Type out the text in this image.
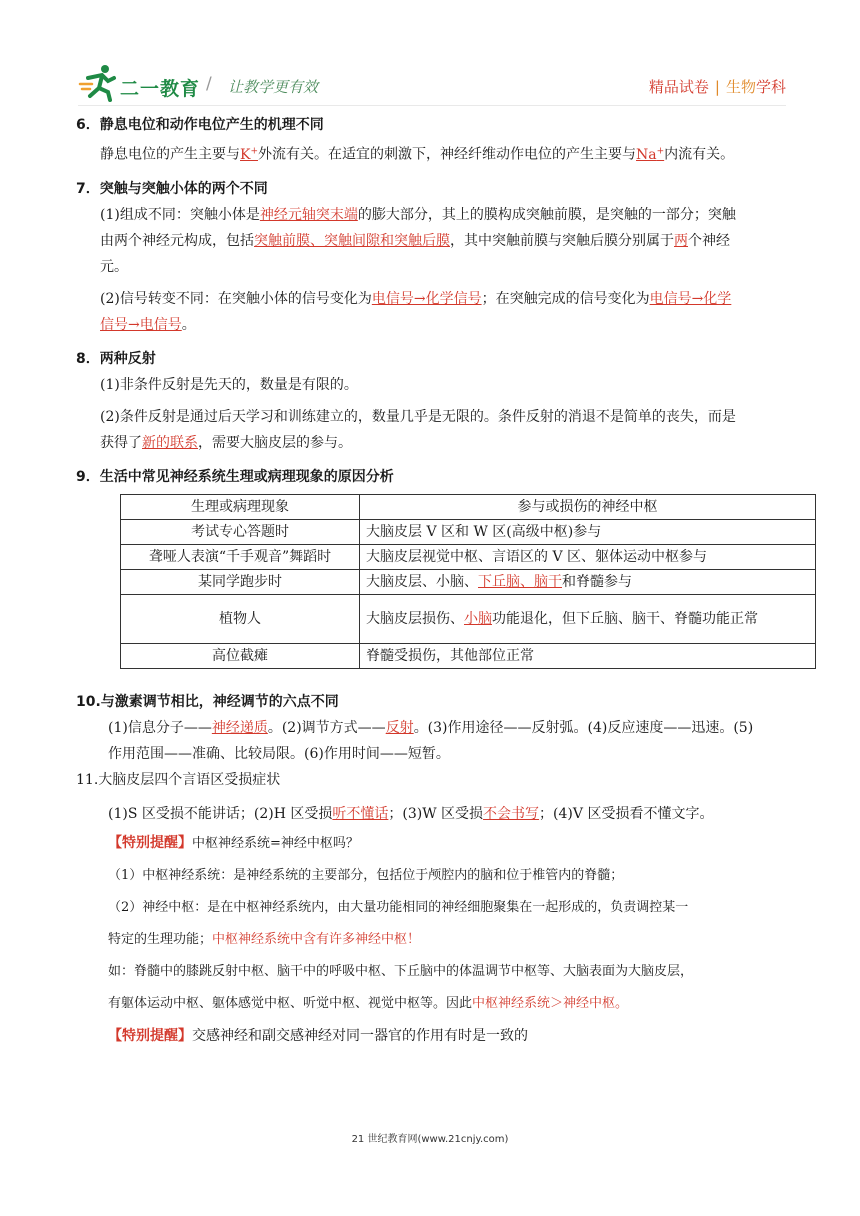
二一教育 / 让教学更有效	精品试卷 | 生物学科

6．静息电位和动作电位产生的机理不同

静息电位的产生主要与K+外流有关。在适宜的刺激下，神经纤维动作电位的产生主要与Na+内流有关。

7．突触与突触小体的两个不同

(1)组成不同：突触小体是神经元轴突末端的膨大部分，其上的膜构成突触前膜，是突触的一部分；突触

由两个神经元构成，包括突触前膜、突触间隙和突触后膜，其中突触前膜与突触后膜分别属于两个神经

元。

(2)信号转变不同：在突触小体的信号变化为电信号→化学信号；在突触完成的信号变化为电信号→化学

信号→电信号。

8．两种反射

(1)非条件反射是先天的，数量是有限的。

(2)条件反射是通过后天学习和训练建立的，数量几乎是无限的。条件反射的消退不是简单的丧失，而是

获得了新的联系，需要大脑皮层的参与。

9．生活中常见神经系统生理或病理现象的原因分析

生理或病理现象	参与或损伤的神经中枢
考试专心答题时	大脑皮层 V 区和 W 区(高级中枢)参与
聋哑人表演“千手观音”舞蹈时	大脑皮层视觉中枢、言语区的 V 区、躯体运动中枢参与
某同学跑步时	大脑皮层、小脑、下丘脑、脑干和脊髓参与
植物人	大脑皮层损伤、小脑功能退化，但下丘脑、脑干、脊髓功能正常
高位截瘫	脊髓受损伤，其他部位正常

10.与激素调节相比，神经调节的六点不同

(1)信息分子——神经递质。(2)调节方式——反射。(3)作用途径——反射弧。(4)反应速度——迅速。(5)

作用范围——准确、比较局限。(6)作用时间——短暂。

11.大脑皮层四个言语区受损症状

(1)S 区受损不能讲话；(2)H 区受损听不懂话；(3)W 区受损不会书写；(4)V 区受损看不懂文字。

【特别提醒】中枢神经系统=神经中枢吗？

（1）中枢神经系统：是神经系统的主要部分，包括位于颅腔内的脑和位于椎管内的脊髓；

（2）神经中枢：是在中枢神经系统内，由大量功能相同的神经细胞聚集在一起形成的，负责调控某一

特定的生理功能；中枢神经系统中含有许多神经中枢！

如：脊髓中的膝跳反射中枢、脑干中的呼吸中枢、下丘脑中的体温调节中枢等、大脑表面为大脑皮层，

有躯体运动中枢、躯体感觉中枢、听觉中枢、视觉中枢等。因此中枢神经系统＞神经中枢。

【特别提醒】交感神经和副交感神经对同一器官的作用有时是一致的

21 世纪教育网(www.21cnjy.com)
